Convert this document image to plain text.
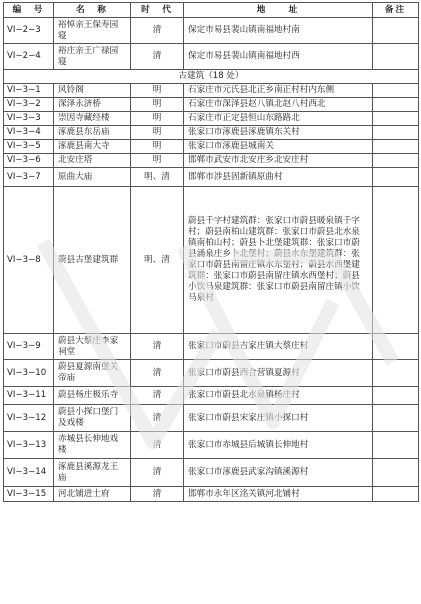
编　号	名　称	时　代	地　　址	备注
VI−2−3	裕悼亲王保寿园寝	清	保定市易县裴山镇南福地村南	
VI−2−4	裕庄亲王广禄园寝	清	保定市易县裴山镇南福地村西	
古建筑（18 处）				
VI−3−1	风铃阁	明	石家庄市元氏县北正乡南正村村内东侧	
VI−3−2	深泽永济桥	明	石家庄市深泽县赵八镇北赵八村西北	
VI−3−3	崇因寺藏经楼	明	石家庄市正定县恒山东路路北	
VI−3−4	涿鹿县东岳庙	明	张家口市涿鹿县涿鹿镇东关村	
VI−3−5	涿鹿县南大寺	明	张家口市涿鹿县城南关	
VI−3−6	北安庄塔	明	邯郸市武安市北安庄乡北安庄村	
VI−3−7	原曲大庙	明、清	邯郸市涉县固新镇原曲村	
VI−3−8	蔚县古堡建筑群	明、清	蔚县千字村建筑群：张家口市蔚县暖泉镇千字村；蔚县南柏山建筑群：张家口市蔚县北水泉镇南柏山村；蔚县卜北堡建筑群：张家口市蔚县涌泉庄乡卜北堡村；蔚县水东堡建筑群：张家口市蔚县南留庄镇水东堡村；蔚县水西堡建筑群：张家口市蔚县南留庄镇水西堡村；蔚县小饮马泉建筑群：张家口市蔚县南留庄镇小饮马泉村	
VI−3−9	蔚县大蔡庄李家祠堂	清	张家口市蔚县吉家庄镇大蔡庄村	
VI−3−10	蔚县夏源南堡关帝庙	清	张家口市蔚县西合营镇夏源村	
VI−3−11	蔚县杨庄极乐寺	清	张家口市蔚县北水泉镇杨庄村	
VI−3−12	蔚县小探口堡门及戏楼	清	张家口市蔚县宋家庄镇小探口村	
VI−3−13	赤城县长伸地戏楼	清	张家口市赤城县后城镇长伸地村	
VI−3−14	涿鹿县溪源龙王庙	清	张家口市涿鹿县武家沟镇溪源村	
VI−3−15	河北铺进士府	清	邯郸市永年区洺关镇河北铺村	
